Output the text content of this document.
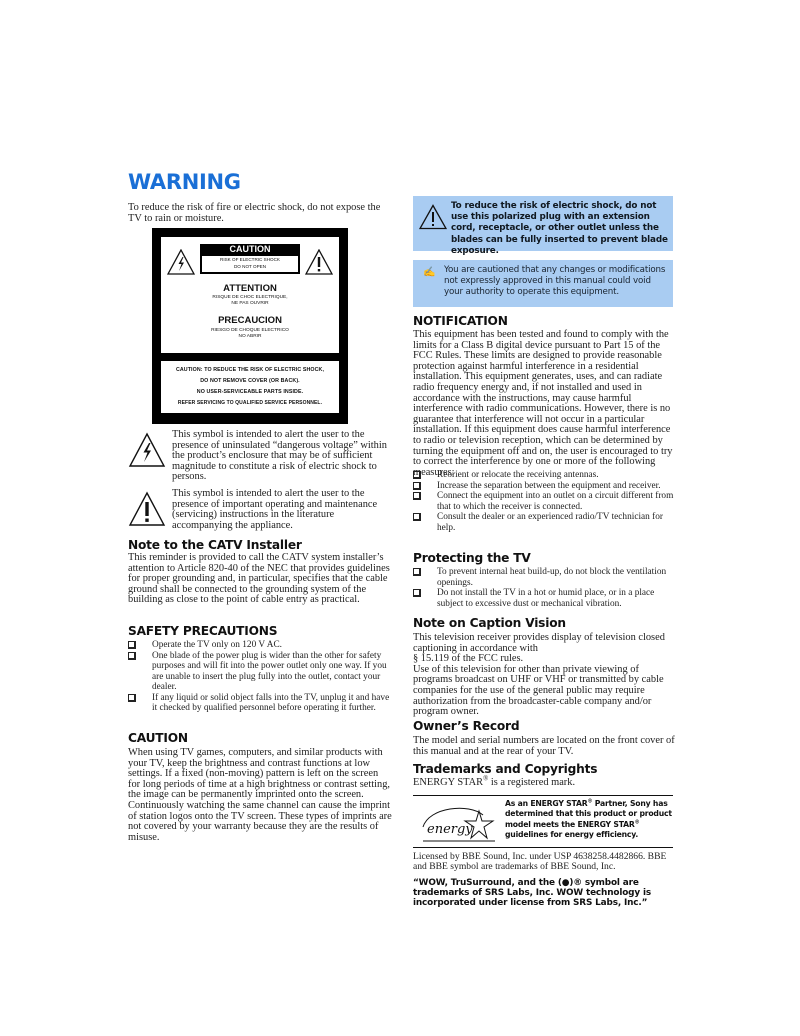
WARNING
To reduce the risk of fire or electric shock, do not expose the TV to rain or moisture.
CAUTION
RISK OF ELECTRIC SHOCK
DO NOT OPEN
ATTENTION
RISQUE DE CHOC ELECTRIQUE,
NE PAS OUVRIR
PRECAUCION
RIESGO DE CHOQUE ELECTRICO
NO ABRIR
CAUTION: TO REDUCE THE RISK OF ELECTRIC SHOCK,
DO NOT REMOVE COVER (OR BACK).
NO USER-SERVICEABLE PARTS INSIDE.
REFER SERVICING TO QUALIFIED SERVICE PERSONNEL.
This symbol is intended to alert the user to the presence of uninsulated “dangerous voltage” within the product’s enclosure that may be of sufficient magnitude to constitute a risk of electric shock to persons.
This symbol is intended to alert the user to the presence of important operating and maintenance (servicing) instructions in the literature accompanying the appliance.
Note to the CATV Installer
This reminder is provided to call the CATV system installer’s attention to Article 820-40 of the NEC that provides guidelines for proper grounding and, in particular, specifies that the cable ground shall be connected to the grounding system of the building as close to the point of cable entry as practical.
SAFETY PRECAUTIONS
Operate the TV only on 120 V AC.
One blade of the power plug is wider than the other for safety purposes and will fit into the power outlet only one way. If you are unable to insert the plug fully into the outlet, contact your dealer.
If any liquid or solid object falls into the TV, unplug it and have it checked by qualified personnel before operating it further.
CAUTION
When using TV games, computers, and similar products with your TV, keep the brightness and contrast functions at low settings. If a fixed (non-moving) pattern is left on the screen for long periods of time at a high brightness or contrast setting, the image can be permanently imprinted onto the screen. Continuously watching the same channel can cause the imprint of station logos onto the TV screen. These types of imprints are not covered by your warranty because they are the results of misuse.
To reduce the risk of electric shock, do not use this polarized plug with an extension cord, receptacle, or other outlet unless the blades can be fully inserted to prevent blade exposure.
✍ You are cautioned that any changes or modifications not expressly approved in this manual could void your authority to operate this equipment.
NOTIFICATION
This equipment has been tested and found to comply with the limits for a Class B digital device pursuant to Part 15 of the FCC Rules. These limits are designed to provide reasonable protection against harmful interference in a residential installation. This equipment generates, uses, and can radiate radio frequency energy and, if not installed and used in accordance with the instructions, may cause harmful interference with radio communications. However, there is no guarantee that interference will not occur in a particular installation. If this equipment does cause harmful interference to radio or television reception, which can be determined by turning the equipment off and on, the user is encouraged to try to correct the interference by one or more of the following measures:
Reorient or relocate the receiving antennas.
Increase the separation between the equipment and receiver.
Connect the equipment into an outlet on a circuit different from that to which the receiver is connected.
Consult the dealer or an experienced radio/TV technician for help.
Protecting the TV
To prevent internal heat build-up, do not block the ventilation openings.
Do not install the TV in a hot or humid place, or in a place subject to excessive dust or mechanical vibration.
Note on Caption Vision
This television receiver provides display of television closed captioning in accordance with
§ 15.119 of the FCC rules.
Use of this television for other than private viewing of programs broadcast on UHF or VHF or transmitted by cable companies for the use of the general public may require authorization from the broadcaster-cable company and/or program owner.
Owner’s Record
The model and serial numbers are located on the front cover of this manual and at the rear of your TV.
Trademarks and Copyrights
ENERGY STAR® is a registered mark.
energy
As an ENERGY STAR® Partner, Sony has determined that this product or product model meets the ENERGY STAR® guidelines for energy efficiency.
Licensed by BBE Sound, Inc. under USP 4638258.4482866. BBE and BBE symbol are trademarks of BBE Sound, Inc.
“WOW, TruSurround, and the (●)® symbol are trademarks of SRS Labs, Inc. WOW technology is incorporated under license from SRS Labs, Inc.”
